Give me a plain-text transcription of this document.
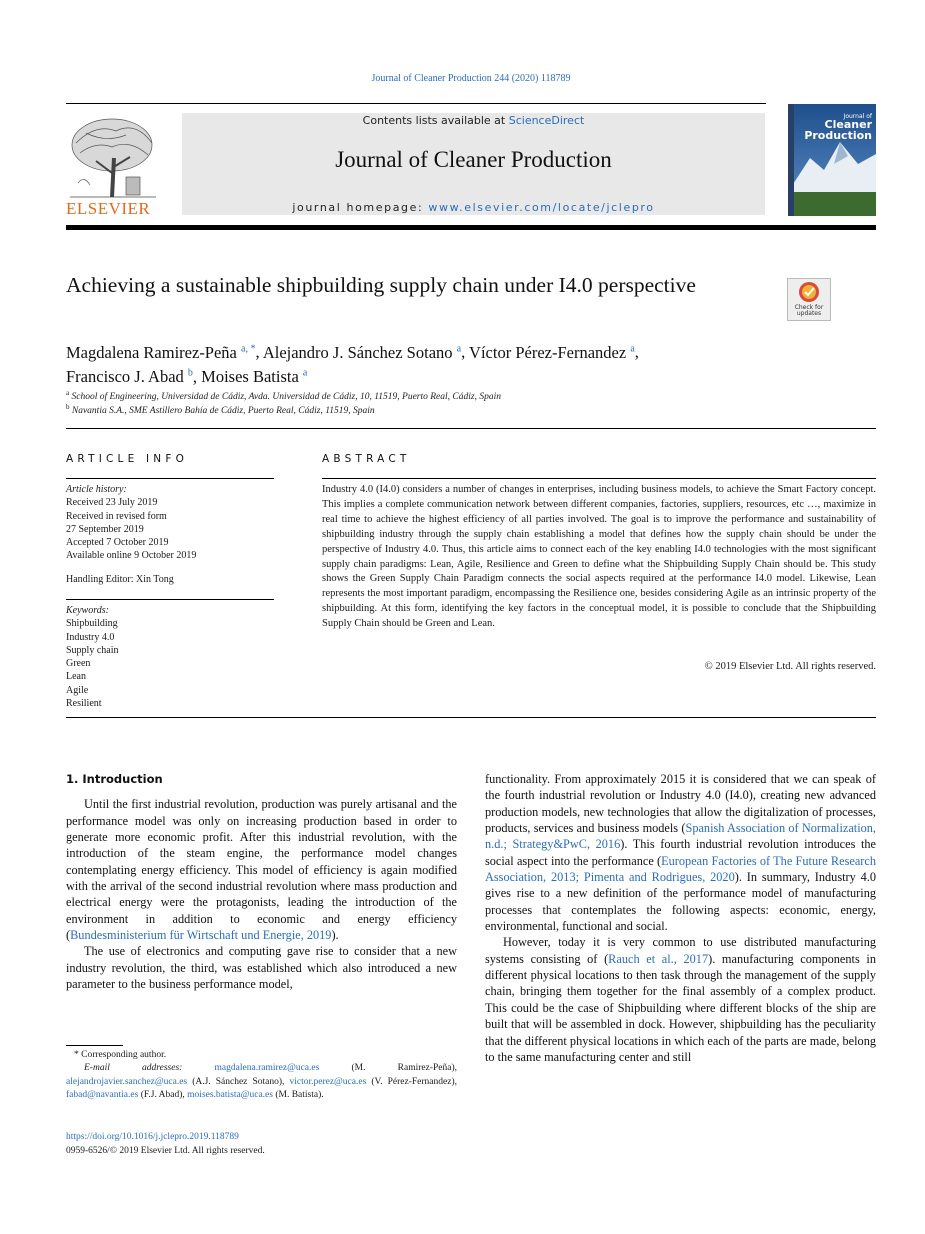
Journal of Cleaner Production 244 (2020) 118789
ELSEVIER
Contents lists available at ScienceDirect
Journal of Cleaner Production
journal homepage: www.elsevier.com/locate/jclepro
Journal of
Cleaner
Production
Achieving a sustainable shipbuilding supply chain under I4.0 perspective
Check for updates
Magdalena Ramirez-Peña $^{a, *}$, Alejandro J. Sánchez Sotano $^a$, Víctor Pérez-Fernandez $^a$,
Francisco J. Abad $^b$, Moises Batista $^a$
$^a$ School of Engineering, Universidad de Cádiz, Avda. Universidad de Cádiz, 10, 11519, Puerto Real, Cádiz, Spain
$^b$ Navantia S.A., SME Astillero Bahía de Cádiz, Puerto Real, Cádiz, 11519, Spain
ARTICLE INFO
Article history:
Received 23 July 2019
Received in revised form
27 September 2019
Accepted 7 October 2019
Available online 9 October 2019
Handling Editor: Xin Tong
Keywords:
Shipbuilding
Industry 4.0
Supply chain
Green
Lean
Agile
Resilient
ABSTRACT
Industry 4.0 (I4.0) considers a number of changes in enterprises, including business models, to achieve the Smart Factory concept. This implies a complete communication network between different companies, factories, suppliers, resources, etc …, maximize in real time to achieve the highest efficiency of all parties involved. The goal is to improve the performance and sustainability of shipbuilding industry through the supply chain establishing a model that defines how the supply chain should be under the perspective of Industry 4.0. Thus, this article aims to connect each of the key enabling I4.0 technologies with the most significant supply chain paradigms: Lean, Agile, Resilience and Green to define what the Shipbuilding Supply Chain should be. This study shows the Green Supply Chain Paradigm connects the social aspects required at the performance I4.0 model. Likewise, Lean represents the most important paradigm, encompassing the Resilience one, besides considering Agile as an intrinsic property of the shipbuilding. At this form, identifying the key factors in the conceptual model, it is possible to conclude that the Shipbuilding Supply Chain should be Green and Lean.
© 2019 Elsevier Ltd. All rights reserved.
1. Introduction

Until the first industrial revolution, production was purely artisanal and the performance model was only on increasing production based in order to generate more economic profit. After this industrial revolution, with the introduction of the steam engine, the performance model changes contemplating energy efficiency. This model of efficiency is again modified with the arrival of the second industrial revolution where mass production and electrical energy were the protagonists, leading the introduction of the environment in addition to economic and energy efficiency (Bundesministerium für Wirtschaft und Energie, 2019).

The use of electronics and computing gave rise to consider that a new industry revolution, the third, was established which also introduced a new parameter to the business performance model,

functionality. From approximately 2015 it is considered that we can speak of the fourth industrial revolution or Industry 4.0 (I4.0), creating new advanced production models, new technologies that allow the digitalization of processes, products, services and business models (Spanish Association of Normalization, n.d.; Strategy&PwC, 2016). This fourth industrial revolution introduces the social aspect into the performance (European Factories of The Future Research Association, 2013; Pimenta and Rodrigues, 2020). In summary, Industry 4.0 gives rise to a new definition of the performance model of manufacturing processes that contemplates the following aspects: economic, energy, environmental, functional and social.

However, today it is very common to use distributed manufacturing systems consisting of (Rauch et al., 2017). manufacturing components in different physical locations to then task through the management of the supply chain, bringing them together for the final assembly of a complex product. This could be the case of Shipbuilding where different blocks of the ship are built that will be assembled in dock. However, shipbuilding has the peculiarity that the different physical locations in which each of the parts are made, belong to the same manufacturing center and still

* Corresponding author.
E-mail addresses:	magdalena.ramirez@uca.es (M. Ramirez-Peña), alejandrojavier.sanchez@uca.es (A.J. Sánchez Sotano), victor.perez@uca.es (V. Pérez-Fernandez), fabad@navantia.es (F.J. Abad), moises.batista@uca.es (M. Batista).
https://doi.org/10.1016/j.jclepro.2019.118789
0959-6526/© 2019 Elsevier Ltd. All rights reserved.
